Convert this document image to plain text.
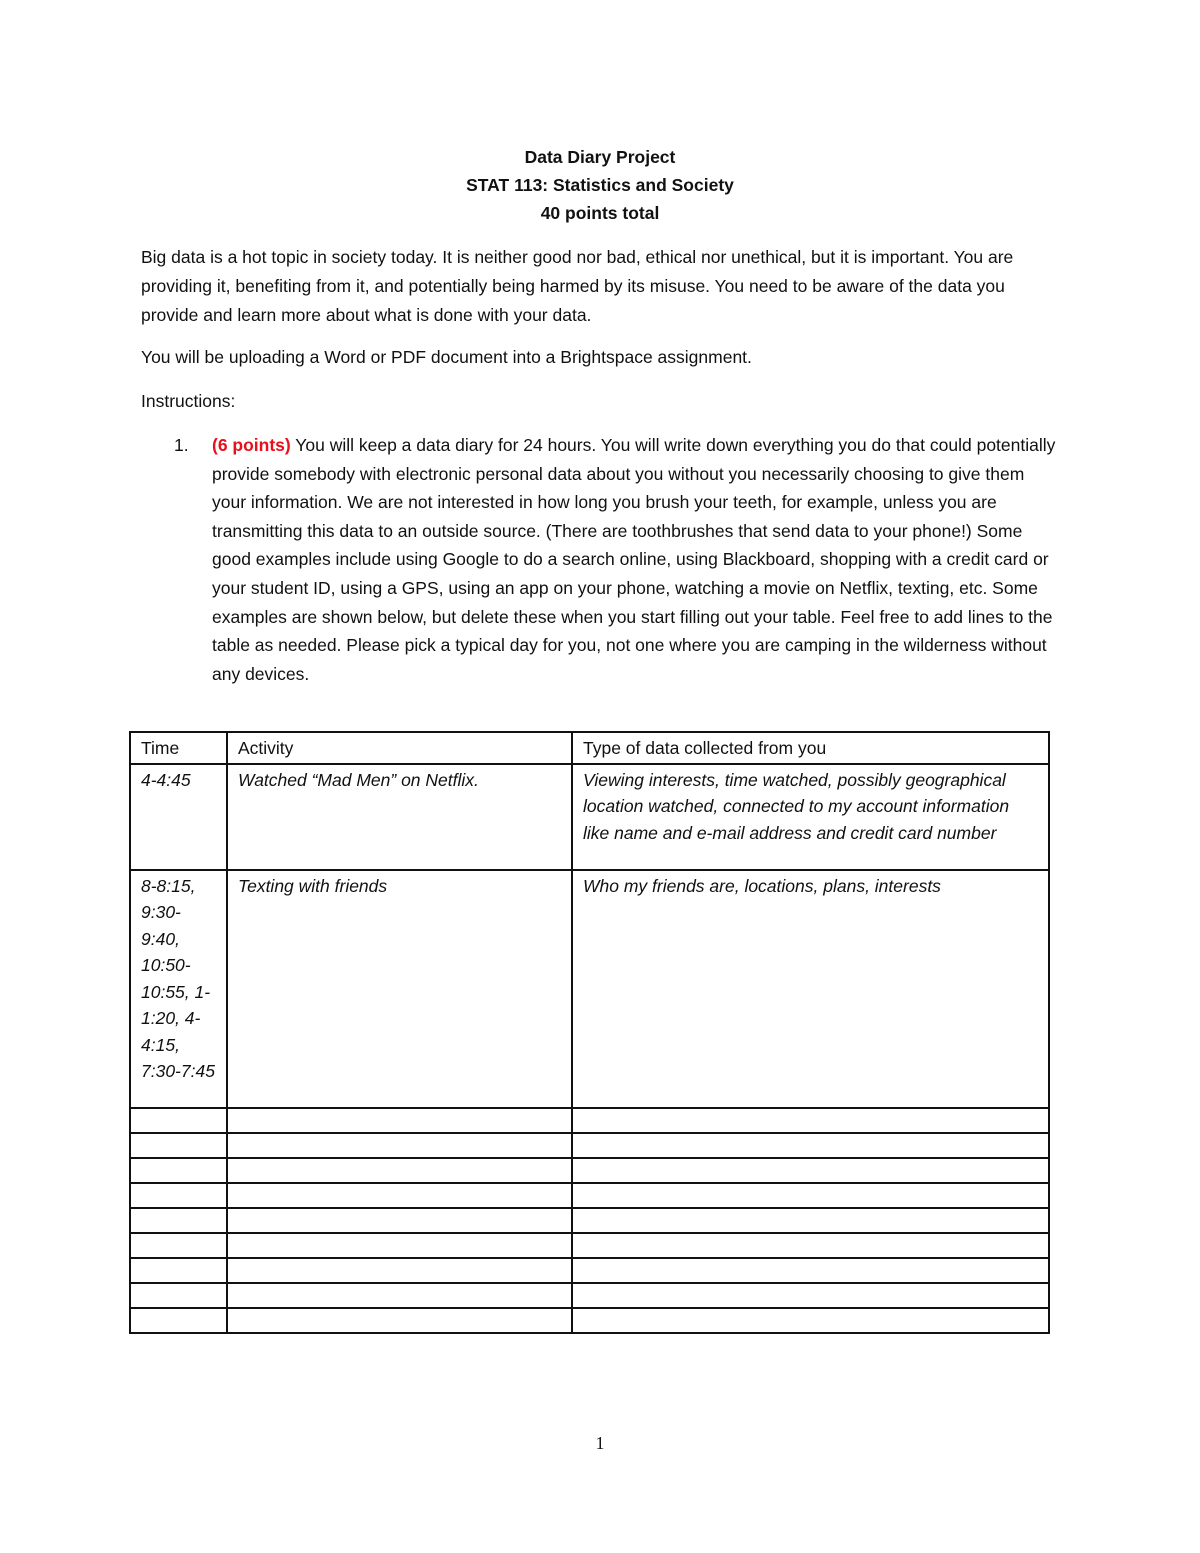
Data Diary Project
STAT 113: Statistics and Society
40 points total
Big data is a hot topic in society today. It is neither good nor bad, ethical nor unethical, but it is important. You are providing it, benefiting from it, and potentially being harmed by its misuse. You need to be aware of the data you provide and learn more about what is done with your data.
You will be uploading a Word or PDF document into a Brightspace assignment.
Instructions:
1. (6 points) You will keep a data diary for 24 hours. You will write down everything you do that could potentially provide somebody with electronic personal data about you without you necessarily choosing to give them your information. We are not interested in how long you brush your teeth, for example, unless you are transmitting this data to an outside source. (There are toothbrushes that send data to your phone!) Some good examples include using Google to do a search online, using Blackboard, shopping with a credit card or your student ID, using a GPS, using an app on your phone, watching a movie on Netflix, texting, etc. Some examples are shown below, but delete these when you start filling out your table. Feel free to add lines to the table as needed. Please pick a typical day for you, not one where you are camping in the wilderness without any devices.
Time	Activity	Type of data collected from you
4-4:45	Watched “Mad Men” on Netflix.	Viewing interests, time watched, possibly geographical location watched, connected to my account information like name and e-mail address and credit card number
8-8:15, 9:30-9:40, 10:50-10:55, 1-1:20, 4-4:15, 7:30-7:45	Texting with friends	Who my friends are, locations, plans, interests

1
